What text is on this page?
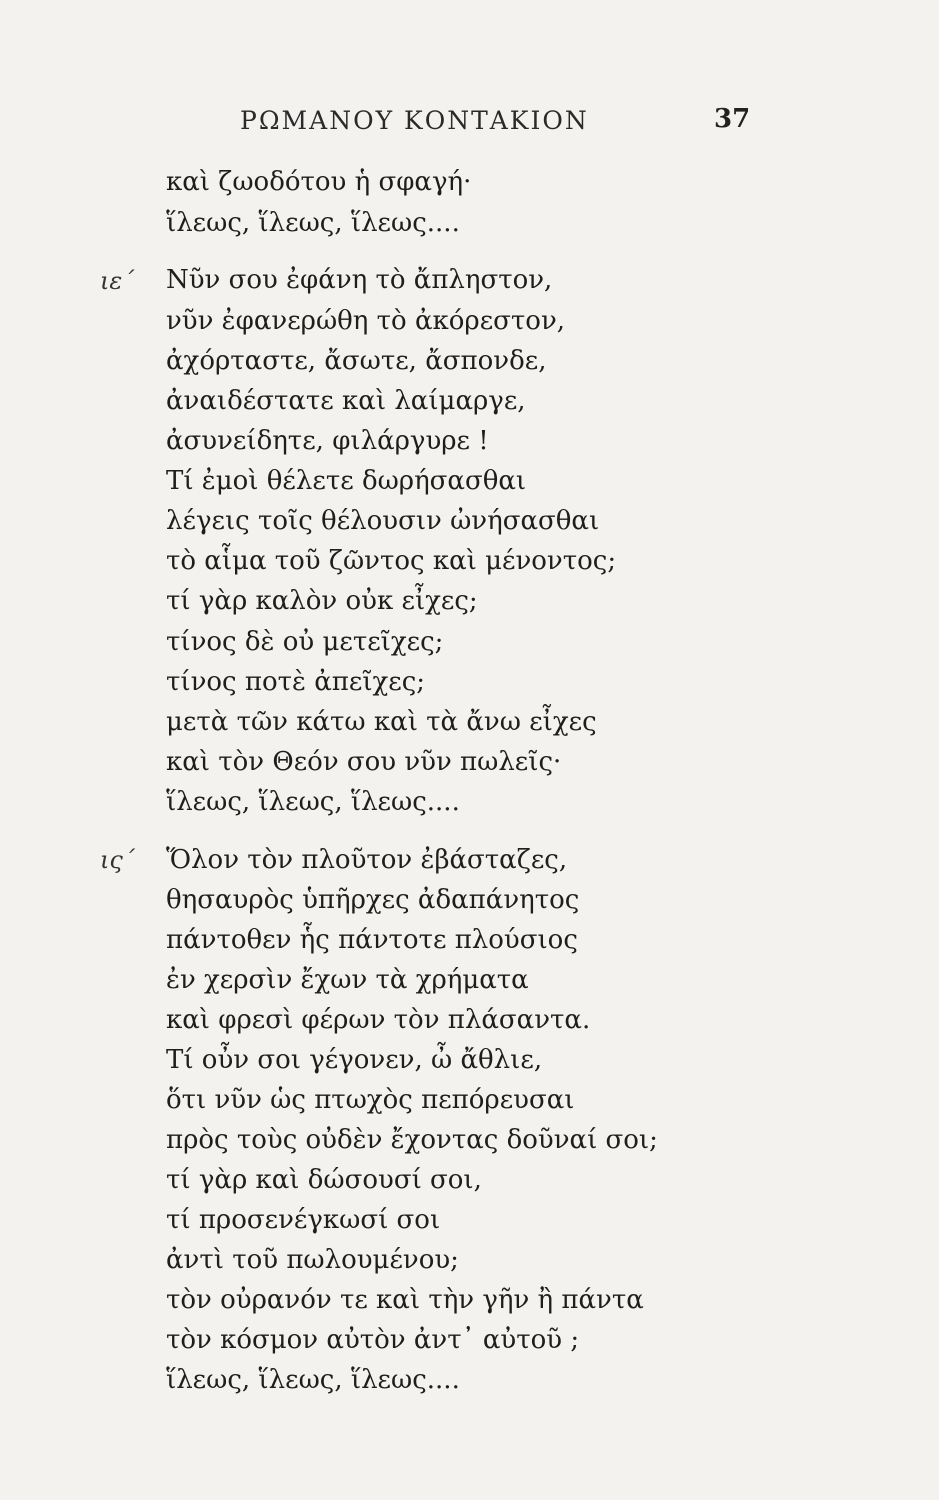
ΡΩΜΑΝΟΥ ΚΟΝΤΑΚΙΟΝ	37
καὶ ζωοδότου ἡ σφαγή·
ἵλεως, ἵλεως, ἵλεως....
ιε´ Νῦν σου ἐφάνη τὸ ἄπληστον,
νῦν ἐφανερώθη τὸ ἀκόρεστον,
ἀχόρταστε, ἄσωτε, ἄσπονδε,
ἀναιδέστατε καὶ λαίμαργε,
ἀσυνείδητε, φιλάργυρε !
Τί ἐμοὶ θέλετε δωρήσασθαι
λέγεις τοῖς θέλουσιν ὠνήσασθαι
τὸ αἷμα τοῦ ζῶντος καὶ μένοντος;
τί γὰρ καλὸν οὐκ εἶχες;
τίνος δὲ οὐ μετεῖχες;
τίνος ποτὲ ἀπεῖχες;
μετὰ τῶν κάτω καὶ τὰ ἄνω εἶχες
καὶ τὸν Θεόν σου νῦν πωλεῖς·
ἵλεως, ἵλεως, ἵλεως....
ις´ Ὅλον τὸν πλοῦτον ἐβάσταζες,
θησαυρὸς ὑπῆρχες ἀδαπάνητος
πάντοθεν ἧς πάντοτε πλούσιος
ἐν χερσὶν ἔχων τὰ χρήματα
καὶ φρεσὶ φέρων τὸν πλάσαντα.
Τί οὖν σοι γέγονεν, ὦ ἄθλιε,
ὅτι νῦν ὡς πτωχὸς πεπόρευσαι
πρὸς τοὺς οὐδὲν ἔχοντας δοῦναί σοι;
τί γὰρ καὶ δώσουσί σοι,
τί προσενέγκωσί σοι
ἀντὶ τοῦ πωλουμένου;
τὸν οὐρανόν τε καὶ τὴν γῆν ἢ πάντα
τὸν κόσμον αὐτὸν ἀντ᾽ αὐτοῦ ;
ἵλεως, ἵλεως, ἵλεως....
